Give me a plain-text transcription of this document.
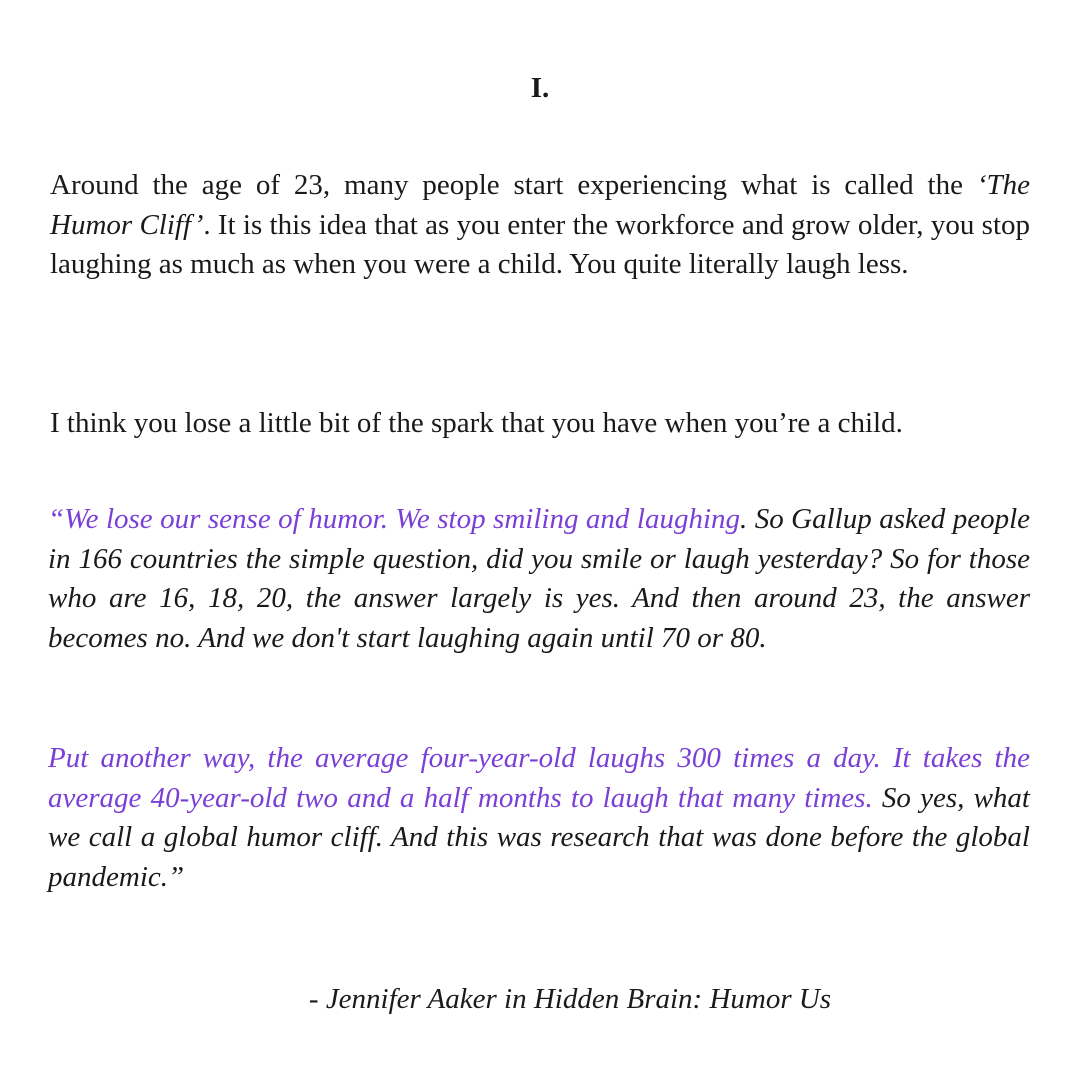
I.

Around the age of 23, many people start experiencing what is called the ‘The Humor Cliff’. It is this idea that as you enter the workforce and grow older, you stop laughing as much as when you were a child. You quite literally laugh less.

I think you lose a little bit of the spark that you have when you’re a child.

“We lose our sense of humor. We stop smiling and laughing. So Gallup asked people in 166 countries the simple question, did you smile or laugh yesterday? So for those who are 16, 18, 20, the answer largely is yes. And then around 23, the answer becomes no. And we don't start laughing again until 70 or 80.

Put another way, the average four-year-old laughs 300 times a day. It takes the average 40-year-old two and a half months to laugh that many times. So yes, what we call a global humor cliff. And this was research that was done before the global pandemic.”

- Jennifer Aaker in Hidden Brain: Humor Us
